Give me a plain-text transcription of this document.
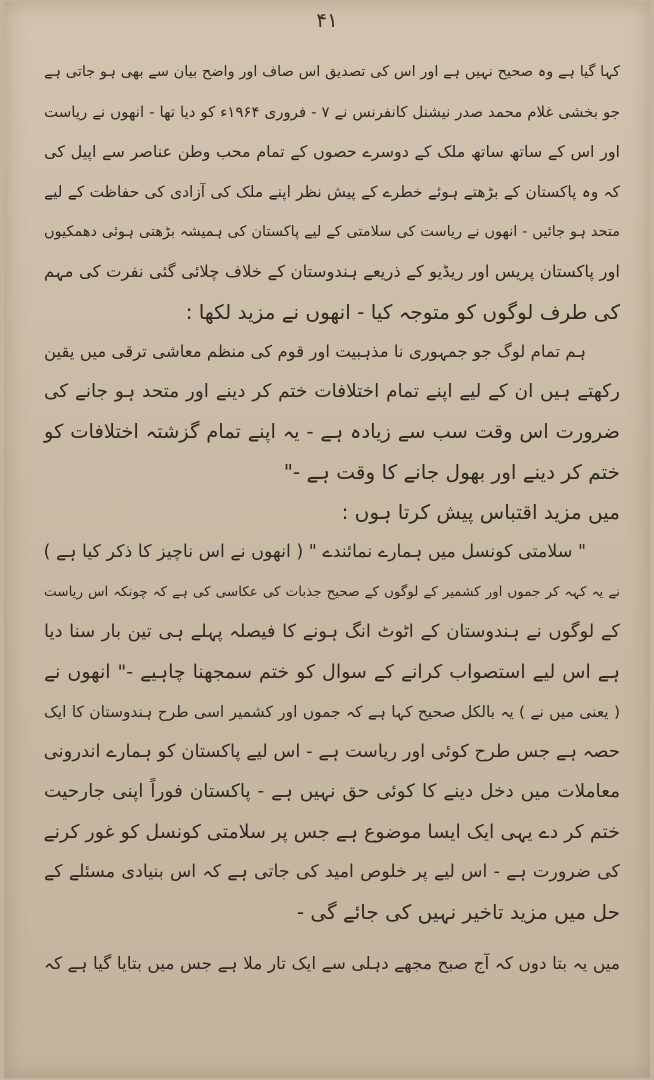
۴۱
کہا گیا ہے وہ صحیح نہیں ہے اور اس کی تصدیق اس صاف اور واضح بیان سے بھی ہو جاتی ہے
جو بخشی غلام محمد صدر نیشنل کانفرنس نے ۷ - فروری ۱۹۶۴ء کو دیا تھا - انھوں نے ریاست
اور اس کے ساتھ ساتھ ملک کے دوسرے حصوں کے تمام محب وطن عناصر سے اپیل کی
کہ وہ پاکستان کے بڑھتے ہوئے خطرے کے پیش نظر اپنے ملک کی آزادی کی حفاظت کے لیے
متحد ہو جائیں - انھوں نے ریاست کی سلامتی کے لیے پاکستان کی ہمیشہ بڑھتی ہوئی دھمکیوں
اور پاکستان پریس اور ریڈیو کے ذریعے ہندوستان کے خلاف چلائی گئی نفرت کی مہم
کی طرف لوگوں کو متوجہ کیا - انھوں نے مزید لکھا :
ہم تمام لوگ جو جمہوری نا مذہبیت اور قوم کی منظم معاشی ترقی میں یقین
رکھتے ہیں ان کے لیے اپنے تمام اختلافات ختم کر دینے اور متحد ہو جانے کی
ضرورت اس وقت سب سے زیادہ ہے - یہ اپنے تمام گزشتہ اختلافات کو
ختم کر دینے اور بھول جانے کا وقت ہے -"
میں مزید اقتباس پیش کرتا ہوں :
" سلامتی کونسل میں ہمارے نمائندے " ( انھوں نے اس ناچیز کا ذکر کیا ہے )
نے یہ کہہ کر جموں اور کشمیر کے لوگوں کے صحیح جذبات کی عکاسی کی ہے کہ چونکہ اس ریاست
کے لوگوں نے ہندوستان کے اٹوٹ انگ ہونے کا فیصلہ پہلے ہی تین بار سنا دیا
ہے اس لیے استصواب کرانے کے سوال کو ختم سمجھنا چاہیے -" انھوں نے
( یعنی میں نے ) یہ بالکل صحیح کہا ہے کہ جموں اور کشمیر اسی طرح ہندوستان کا ایک
حصہ ہے جس طرح کوئی اور ریاست ہے - اس لیے پاکستان کو ہمارے اندرونی
معاملات میں دخل دینے کا کوئی حق نہیں ہے - پاکستان فوراً اپنی جارحیت
ختم کر دے یہی ایک ایسا موضوع ہے جس پر سلامتی کونسل کو غور کرنے
کی ضرورت ہے - اس لیے پر خلوص امید کی جاتی ہے کہ اس بنیادی مسئلے کے
حل میں مزید تاخیر نہیں کی جائے گی -
میں یہ بتا دوں کہ آج صبح مجھے دہلی سے ایک تار ملا ہے جس میں بتایا گیا ہے کہ
